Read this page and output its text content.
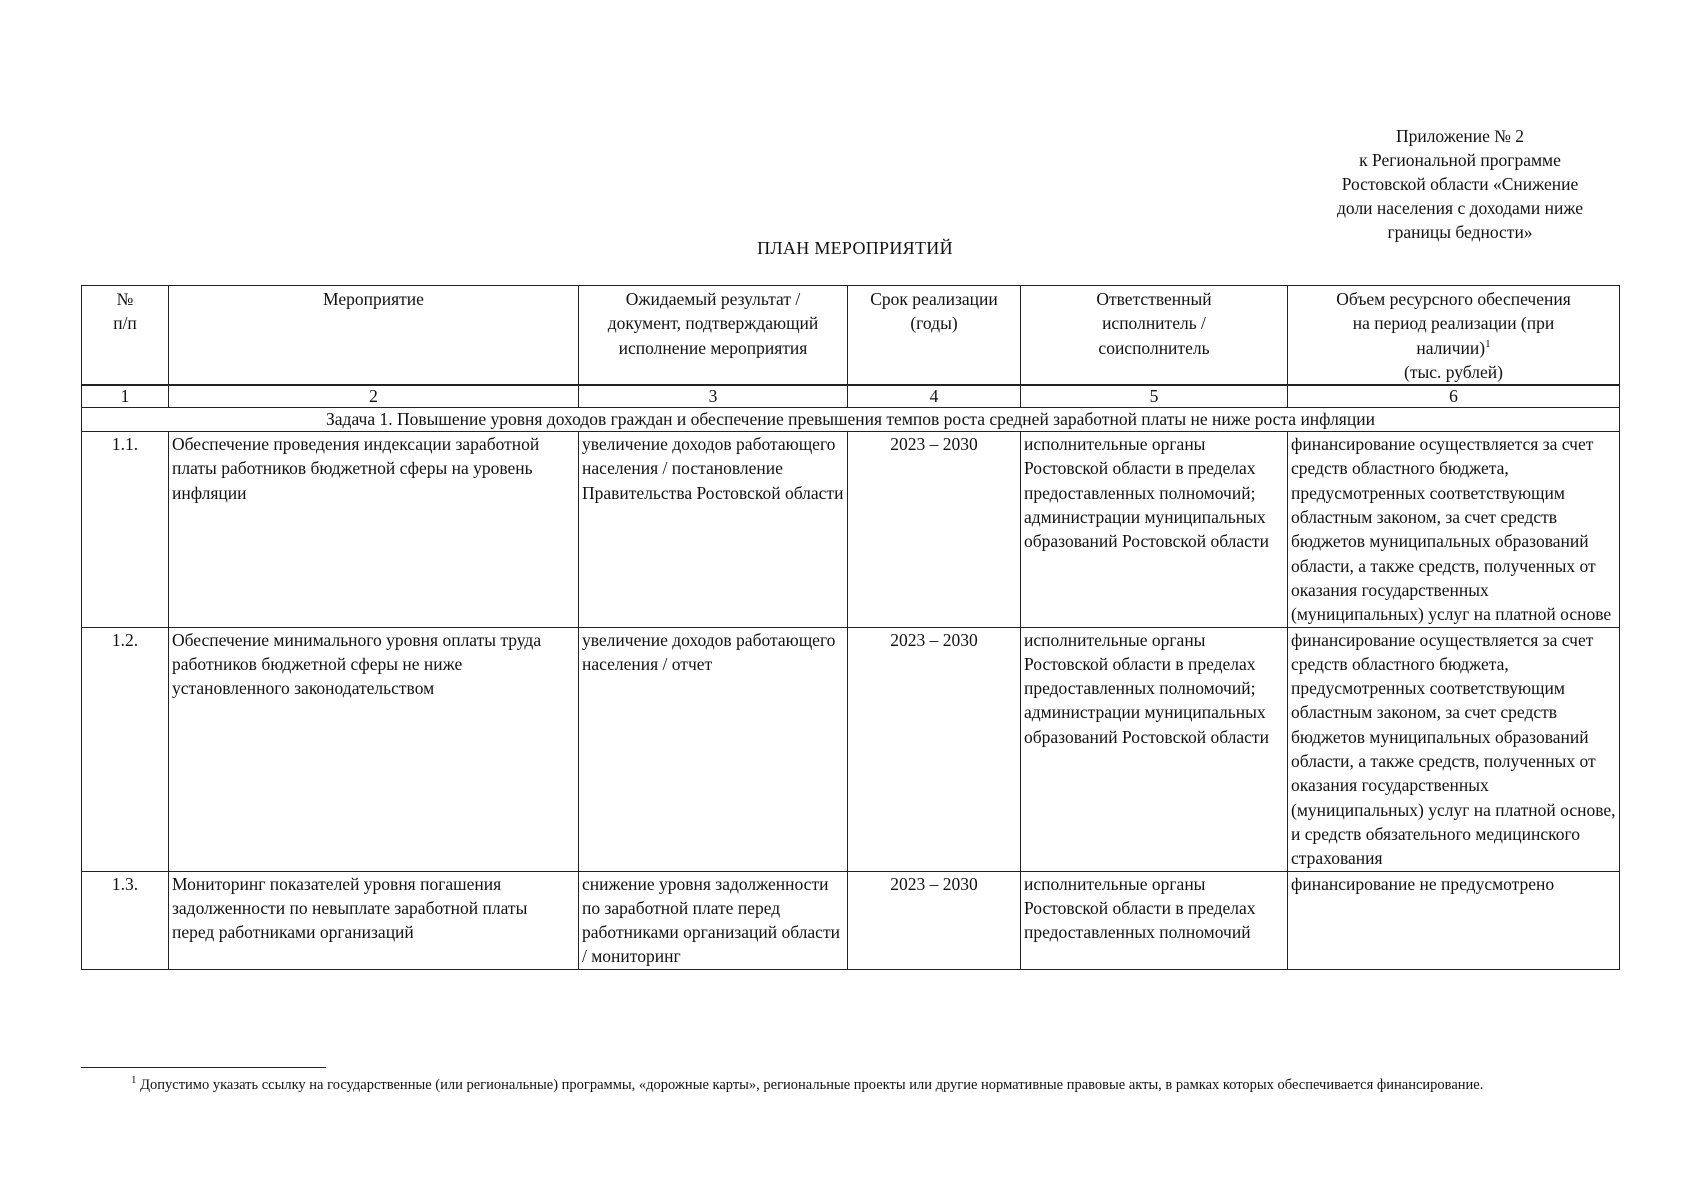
Приложение № 2
к Региональной программе
Ростовской области «Снижение
доли населения с доходами ниже
границы бедности»
ПЛАН МЕРОПРИЯТИЙ
№ п/п	Мероприятие	Ожидаемый результат / документ, подтверждающий исполнение мероприятия	Срок реализации (годы)	Ответственный исполнитель / соисполнитель	Объем ресурсного обеспечения на период реализации (при наличии)$^1$
(тыс. рублей)
1	2	3	4	5	6
Задача 1. Повышение уровня доходов граждан и обеспечение превышения темпов роста средней заработной платы не ниже роста инфляции					
1.1.	Обеспечение проведения индексации заработной платы работников бюджетной сферы на уровень инфляции	увеличение доходов работающего населения / постановление Правительства Ростовской области	2023 – 2030	исполнительные органы Ростовской области в пределах предоставленных полномочий; администрации муниципальных образований Ростовской области	финансирование осуществляется за счет средств областного бюджета, предусмотренных соответствующим областным законом, за счет средств бюджетов муниципальных образований области, а также средств, полученных от оказания государственных (муниципальных) услуг на платной основе
1.2.	Обеспечение минимального уровня оплаты труда работников бюджетной сферы не ниже установленного законодательством	увеличение доходов работающего населения / отчет	2023 – 2030	исполнительные органы Ростовской области в пределах предоставленных полномочий; администрации муниципальных образований Ростовской области	финансирование осуществляется за счет средств областного бюджета, предусмотренных соответствующим областным законом, за счет средств бюджетов муниципальных образований области, а также средств, полученных от оказания государственных (муниципальных) услуг на платной основе, и средств обязательного медицинского страхования
1.3.	Мониторинг показателей уровня погашения задолженности по невыплате заработной платы перед работниками организаций	снижение уровня задолженности по заработной плате перед работниками организаций области / мониторинг	2023 – 2030	исполнительные органы Ростовской области в пределах предоставленных полномочий	финансирование не предусмотрено
$^1$ Допустимо указать ссылку на государственные (или региональные) программы, «дорожные карты», региональные проекты или другие нормативные правовые акты, в рамках которых обеспечивается финансирование.
